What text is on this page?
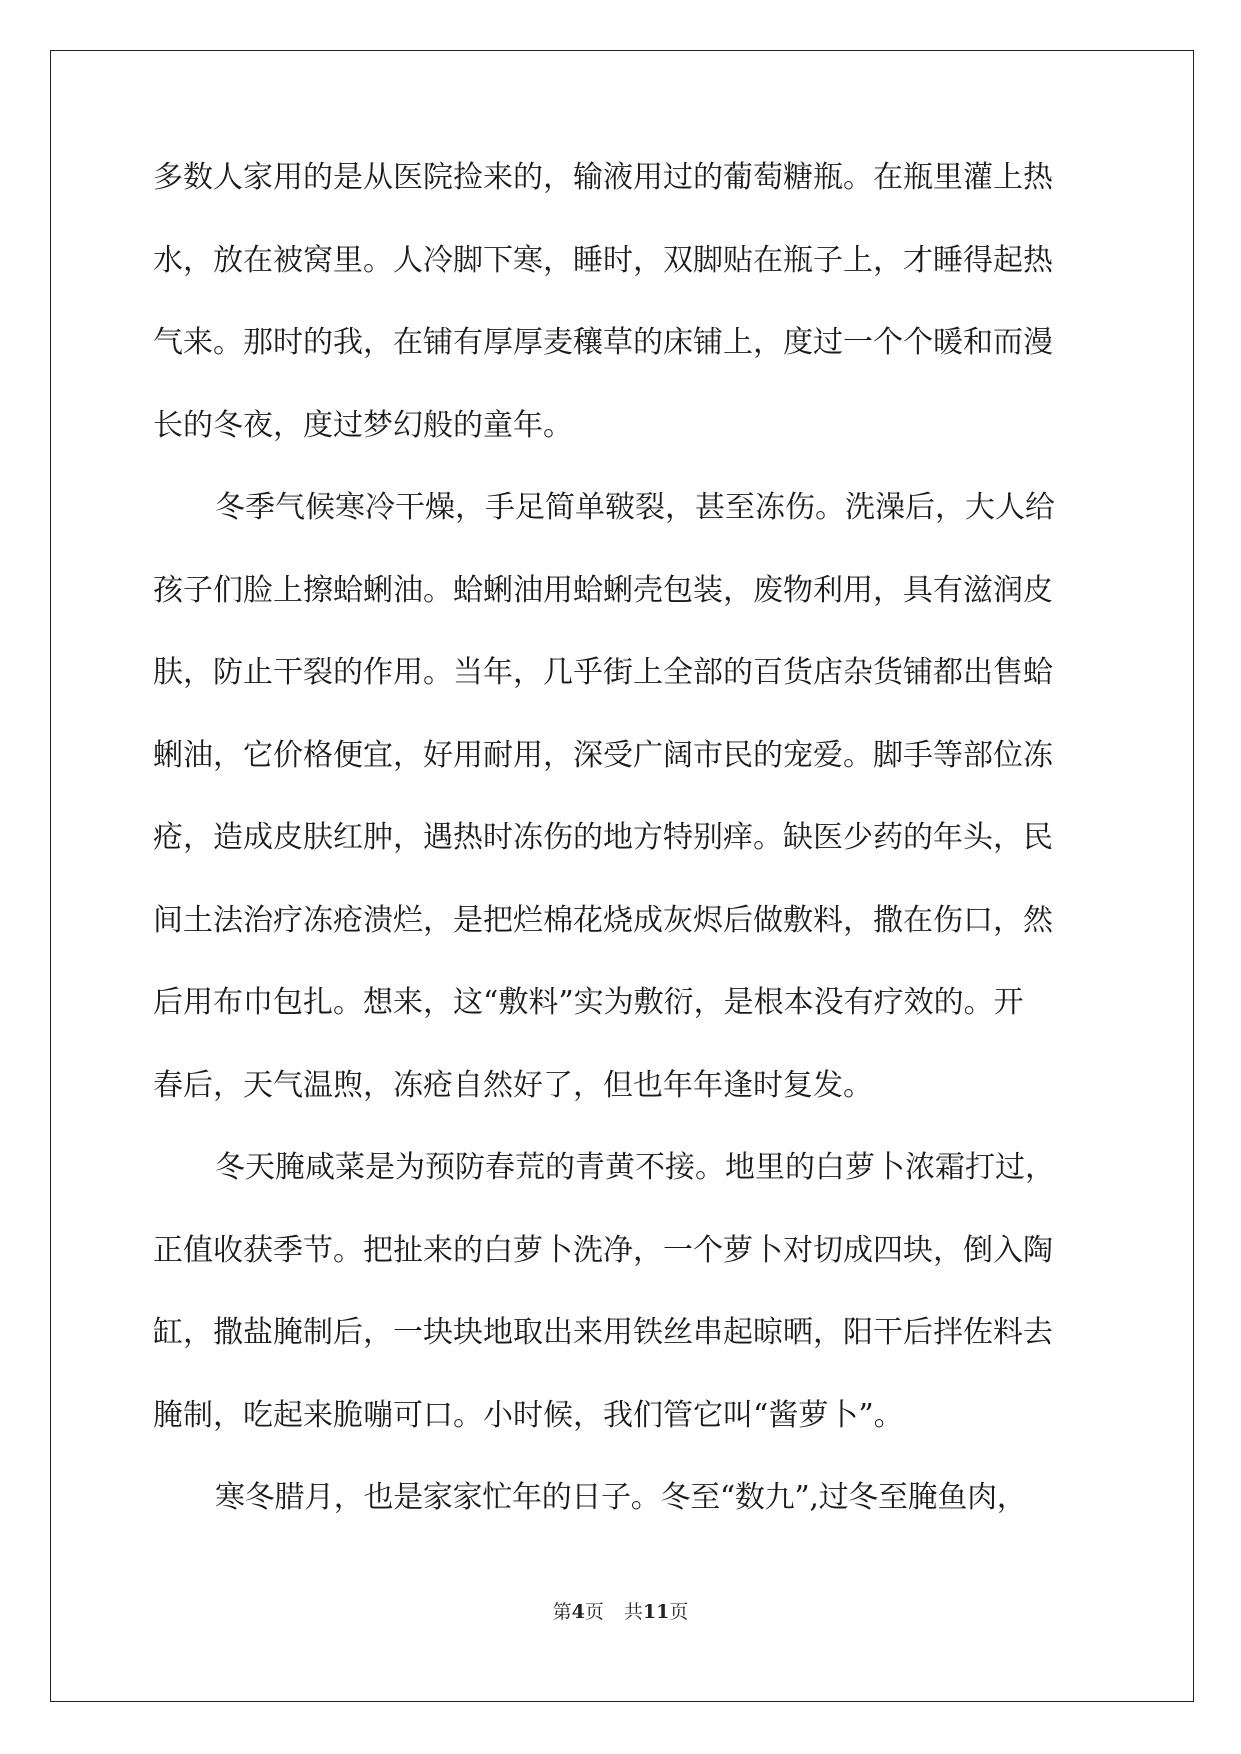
多数人家用的是从医院捡来的，输液用过的葡萄糖瓶。在瓶里灌上热
水，放在被窝里。人冷脚下寒，睡时，双脚贴在瓶子上，才睡得起热
气来。那时的我，在铺有厚厚麦穰草的床铺上，度过一个个暖和而漫
长的冬夜，度过梦幻般的童年。
冬季气候寒冷干燥，手足简单皲裂，甚至冻伤。洗澡后，大人给
孩子们脸上擦蛤蜊油。蛤蜊油用蛤蜊壳包装，废物利用，具有滋润皮
肤，防止干裂的作用。当年，几乎街上全部的百货店杂货铺都出售蛤
蜊油，它价格便宜，好用耐用，深受广阔市民的宠爱。脚手等部位冻
疮，造成皮肤红肿，遇热时冻伤的地方特别痒。缺医少药的年头，民
间土法治疗冻疮溃烂，是把烂棉花烧成灰烬后做敷料，撒在伤口，然
后用布巾包扎。想来，这“敷料”实为敷衍，是根本没有疗效的。开
春后，天气温煦，冻疮自然好了，但也年年逢时复发。
冬天腌咸菜是为预防春荒的青黄不接。地里的白萝卜浓霜打过，
正值收获季节。把扯来的白萝卜洗净，一个萝卜对切成四块，倒入陶
缸，撒盐腌制后，一块块地取出来用铁丝串起晾晒，阳干后拌佐料去
腌制，吃起来脆嘣可口。小时候，我们管它叫“酱萝卜”。
寒冬腊月，也是家家忙年的日子。冬至“数九”,过冬至腌鱼肉，
第4页 共11页
